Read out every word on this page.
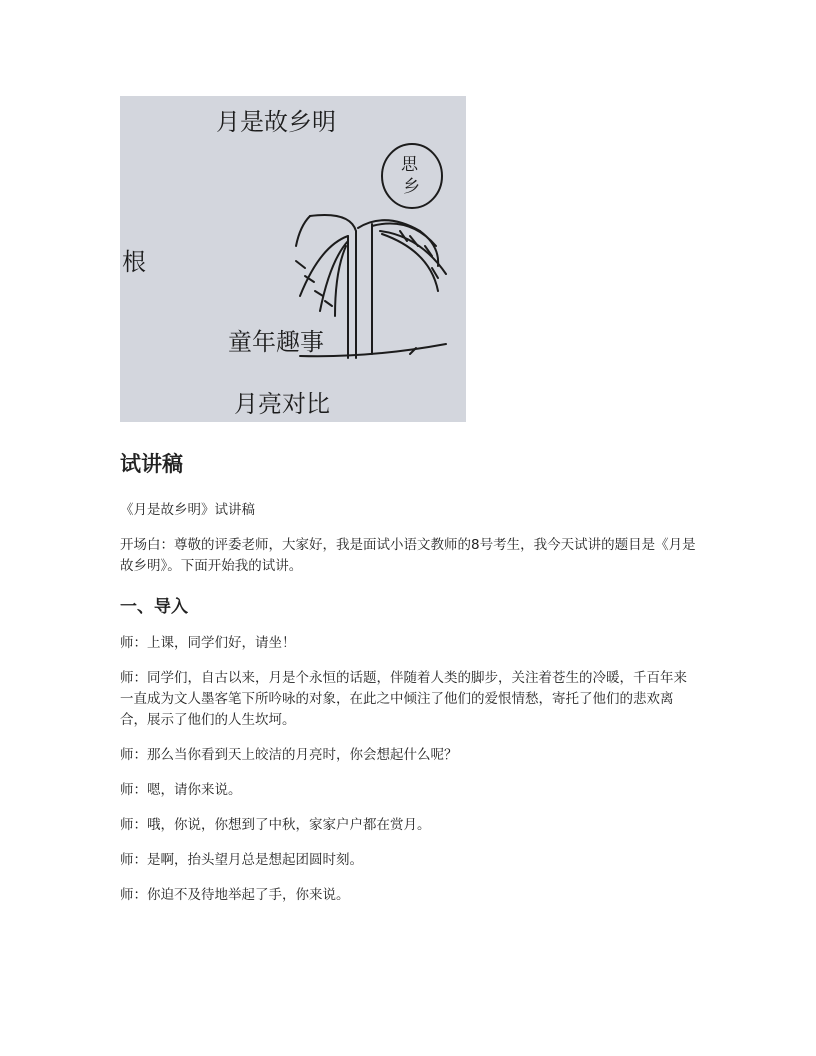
月是故乡明
思
乡
根
童年趣事
月亮对比
试讲稿

《月是故乡明》试讲稿

开场白：尊敬的评委老师，大家好，我是面试小语文教师的8号考生，我今天试讲的题目是《月是故乡明》。下面开始我的试讲。

一、导入

师：上课，同学们好，请坐！

师：同学们，自古以来，月是个永恒的话题，伴随着人类的脚步，关注着苍生的冷暖，千百年来一直成为文人墨客笔下所吟咏的对象，在此之中倾注了他们的爱恨情愁，寄托了他们的悲欢离合，展示了他们的人生坎坷。

师：那么当你看到天上皎洁的月亮时，你会想起什么呢？

师：嗯，请你来说。

师：哦，你说，你想到了中秋，家家户户都在赏月。

师：是啊，抬头望月总是想起团圆时刻。

师：你迫不及待地举起了手，你来说。
